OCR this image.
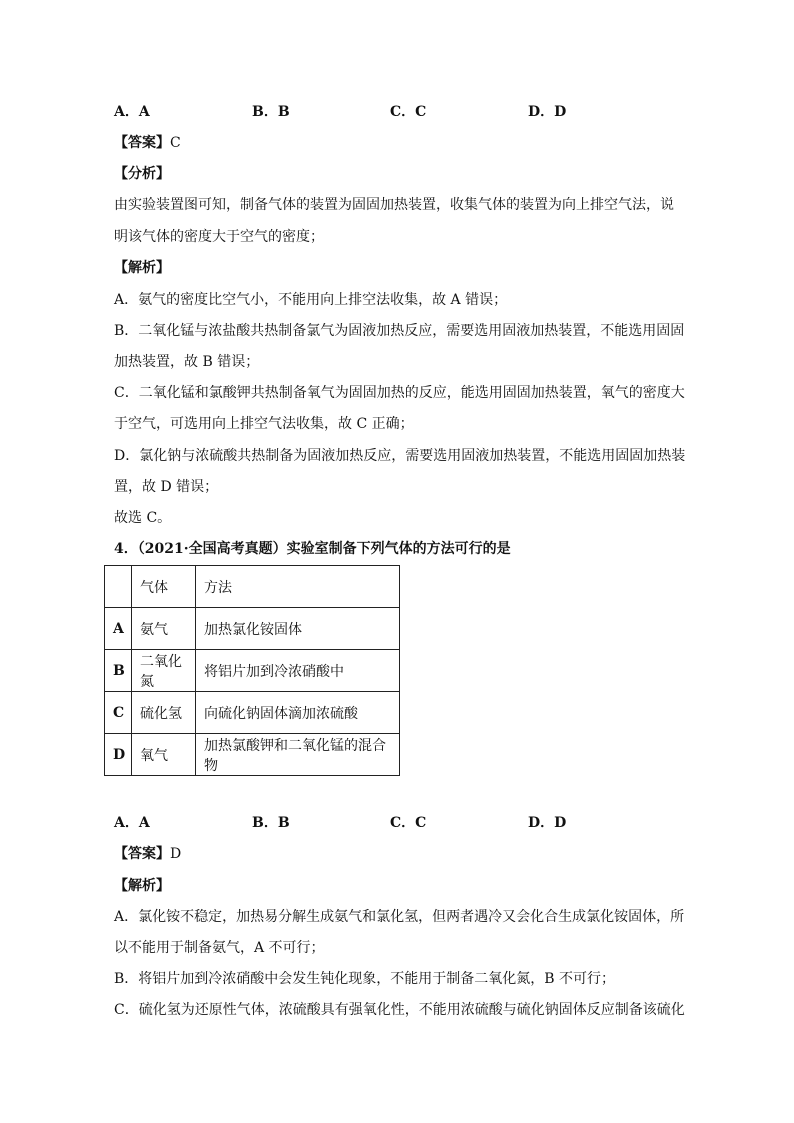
A．A	B．B	C．C	D．D
【答案】C
【分析】
由实验装置图可知，制备气体的装置为固固加热装置，收集气体的装置为向上排空气法，说
明该气体的密度大于空气的密度；
【解析】
A．氨气的密度比空气小，不能用向上排空法收集，故 A 错误；
B．二氧化锰与浓盐酸共热制备氯气为固液加热反应，需要选用固液加热装置，不能选用固固
加热装置，故 B 错误；
C．二氧化锰和氯酸钾共热制备氧气为固固加热的反应，能选用固固加热装置，氧气的密度大
于空气，可选用向上排空气法收集，故 C 正确；
D．氯化钠与浓硫酸共热制备为固液加热反应，需要选用固液加热装置，不能选用固固加热装
置，故 D 错误；
故选 C。
4．（2021·全国高考真题）实验室制备下列气体的方法可行的是
	气体	方法
A	氨气	加热氯化铵固体
B	二氧化氮	将铝片加到冷浓硝酸中
C	硫化氢	向硫化钠固体滴加浓硫酸
D	氧气	加热氯酸钾和二氧化锰的混合物
A．A	B．B	C．C	D．D
【答案】D
【解析】
A．氯化铵不稳定，加热易分解生成氨气和氯化氢，但两者遇冷又会化合生成氯化铵固体，所
以不能用于制备氨气，A 不可行；
B．将铝片加到冷浓硝酸中会发生钝化现象，不能用于制备二氧化氮，B 不可行；
C．硫化氢为还原性气体，浓硫酸具有强氧化性，不能用浓硫酸与硫化钠固体反应制备该硫化
